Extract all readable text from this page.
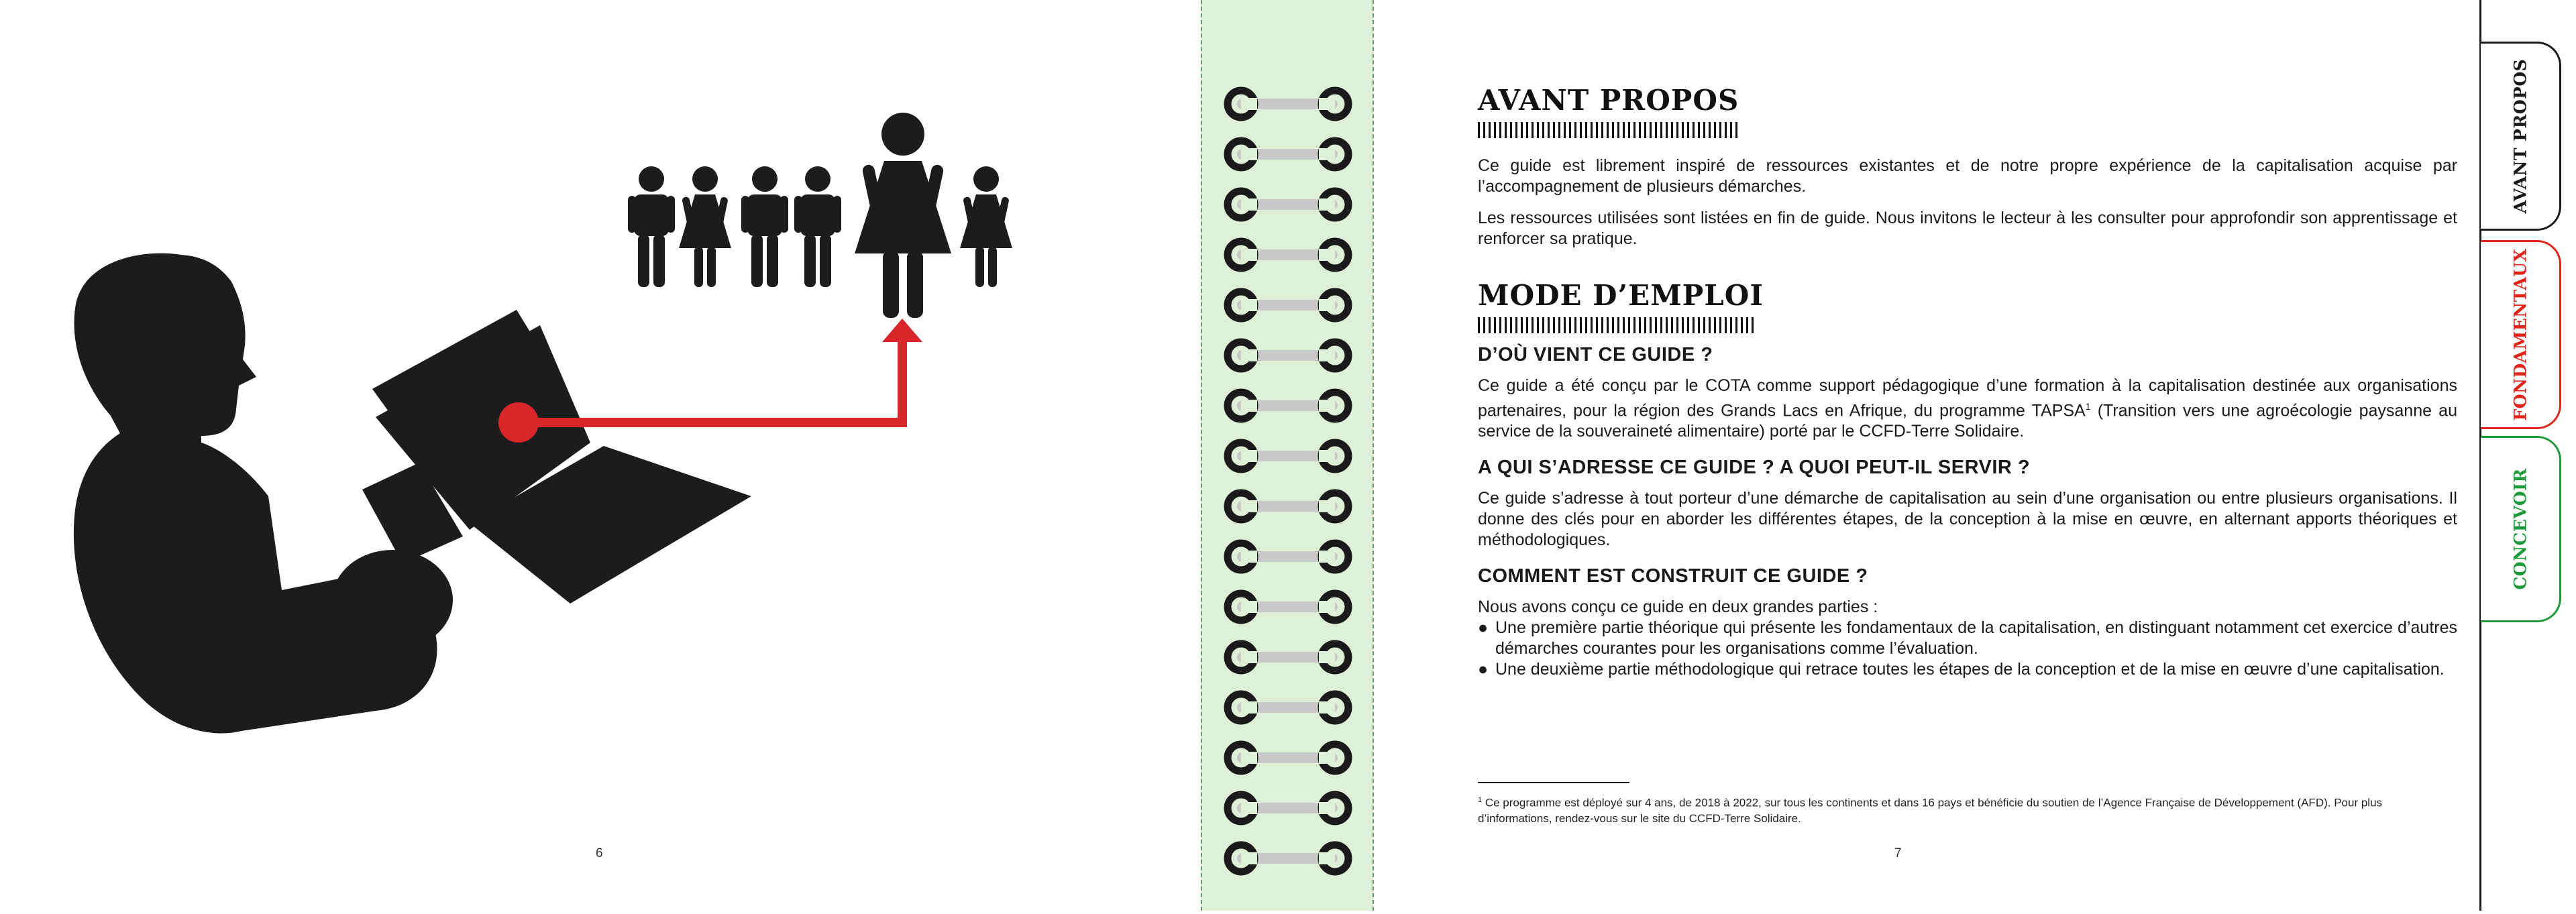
6
AVANT PROPOS

Ce guide est librement inspiré de ressources existantes et de notre propre expérience de la capitalisation acquise par l’accompagnement de plusieurs démarches.

Les ressources utilisées sont listées en fin de guide. Nous invitons le lecteur à les consulter pour approfondir son apprentissage et renforcer sa pratique.

MODE D’EMPLOI
D’OÙ VIENT CE GUIDE ?

Ce guide a été conçu par le COTA comme support pédagogique d’une formation à la capitalisation destinée aux organisations partenaires, pour la région des Grands Lacs en Afrique, du programme TAPSA$^1$ (Transition vers une agroécologie paysanne au service de la souveraineté alimentaire) porté par le CCFD-Terre Solidaire.

A QUI S’ADRESSE CE GUIDE ? A QUOI PEUT-IL SERVIR ?

Ce guide s’adresse à tout porteur d’une démarche de capitalisation au sein d’une organisation ou entre plusieurs organisations. Il donne des clés pour en aborder les différentes étapes, de la conception à la mise en œuvre, en alternant apports théoriques et méthodologiques.

COMMENT EST CONSTRUIT CE GUIDE ?

Nous avons conçu ce guide en deux grandes parties :

● Une première partie théorique qui présente les fondamentaux de la capitalisation, en distinguant notamment cet exercice d’autres démarches courantes pour les organisations comme l’évaluation.
● Une deuxième partie méthodologique qui retrace toutes les étapes de la conception et de la mise en œuvre d’une capitalisation.
$^1$ Ce programme est déployé sur 4 ans, de 2018 à 2022, sur tous les continents et dans 16 pays et bénéficie du soutien de l’Agence Française de Développement (AFD). Pour plus d’informations, rendez-vous sur le site du CCFD-Terre Solidaire.
7
AVANT PROPOS
FONDAMENTAUX
CONCEVOIR
